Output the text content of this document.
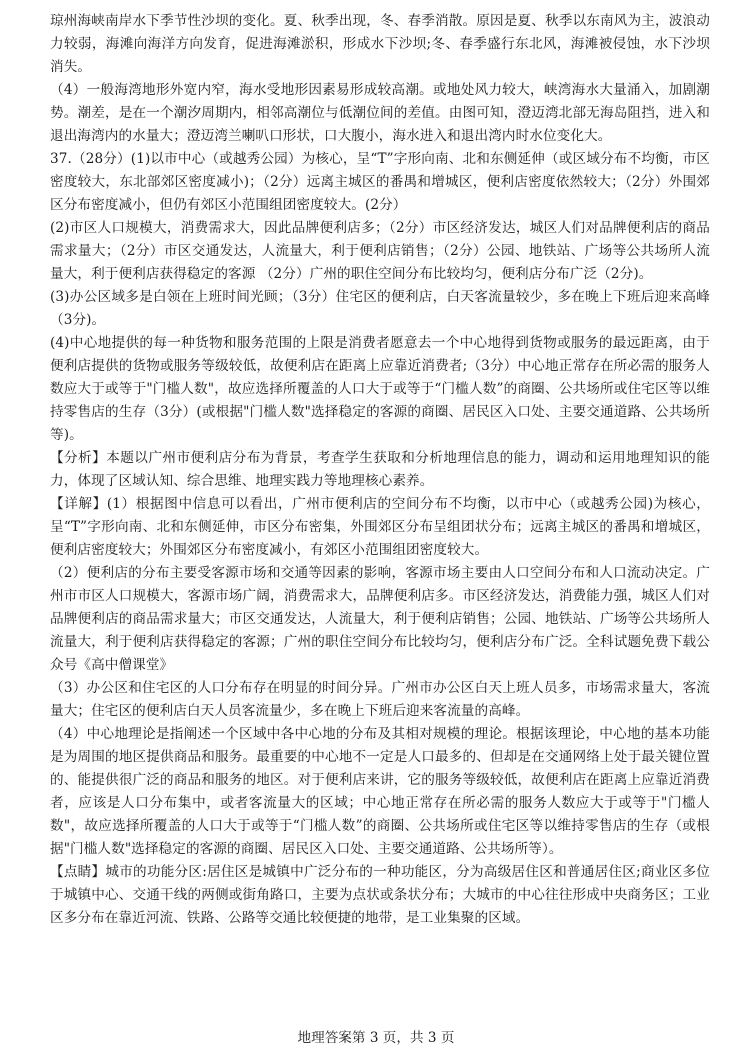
琼州海峡南岸水下季节性沙坝的变化。夏、秋季出现，冬、春季消散。原因是夏、秋季以东南风为主，波浪动力较弱，海滩向海洋方向发育，促进海滩淤积，形成水下沙坝;冬、春季盛行东北风，海滩被侵蚀，水下沙坝消失。

（4）一般海湾地形外宽内窄，海水受地形因素易形成较高潮。或地处风力较大，峡湾海水大量涌入，加剧潮势。潮差，是在一个潮汐周期内，相邻高潮位与低潮位间的差值。由图可知，澄迈湾北部无海岛阻挡，进入和退出海湾内的水量大；澄迈湾兰喇叭口形状，口大腹小，海水进入和退出湾内时水位变化大。

37.（28分）(1)以市中心（或越秀公园）为核心，呈“T”字形向南、北和东侧延伸（或区域分布不均衡，市区密度较大，东北部郊区密度减小)；（2分）远离主城区的番禺和增城区，便利店密度依然较大；（2分）外围郊区分布密度减小，但仍有郊区小范围组团密度较大。(2分）

(2)市区人口规模大，消费需求大，因此品牌便利店多；（2分）市区经济发达，城区人们对品牌便利店的商品需求量大；（2分）市区交通发达，人流量大，利于便利店销售；（2分）公园、地铁站、广场等公共场所人流量大，利于便利店获得稳定的客源 （2分）广州的职住空间分布比较均匀，便利店分布广泛（2分)。

(3)办公区域多是白领在上班时间光顾；（3分）住宅区的便利店，白天客流量较少，多在晚上下班后迎来高峰（3分)。

(4)中心地提供的每一种货物和服务范围的上限是消费者愿意去一个中心地得到货物或服务的最远距离，由于便利店提供的货物或服务等级较低，故便利店在距离上应靠近消费者;（3分）中心地正常存在所必需的服务人数应大于或等于"门槛人数"，故应选择所覆盖的人口大于或等于“门槛人数”的商圈、公共场所或住宅区等以维持零售店的生存（3分）(或根据"门槛人数"选择稳定的客源的商圈、居民区入口处、主要交通道路、公共场所等)。

【分析】本题以广州市便利店分布为背景，考查学生获取和分析地理信息的能力，调动和运用地理知识的能力，体现了区域认知、综合思维、地理实践力等地理核心素养。

【详解】(1）根据图中信息可以看出，广州市便利店的空间分布不均衡，以市中心（或越秀公园)为核心，呈“T”字形向南、北和东侧延伸，市区分布密集，外围郊区分布呈组团状分布；远离主城区的番禺和增城区，便利店密度较大；外围郊区分布密度减小，有郊区小范围组团密度较大。

（2）便利店的分布主要受客源市场和交通等因素的影响，客源市场主要由人口空间分布和人口流动决定。广州市市区人口规模大，客源市场广阔，消费需求大，品牌便利店多。市区经济发达，消费能力强，城区人们对品牌便利店的商品需求量大；市区交通发达，人流量大，利于便利店销售；公园、地铁站、广场等公共场所人流量大，利于便利店获得稳定的客源；广州的职住空间分布比较均匀，便利店分布广泛。全科试题免费下载公众号《高中僧课堂》

（3）办公区和住宅区的人口分布存在明显的时间分异。广州市办公区白天上班人员多，市场需求量大，客流量大；住宅区的便利店白天人员客流量少，多在晚上下班后迎来客流量的高峰。

（4）中心地理论是指阐述一个区域中各中心地的分布及其相对规模的理论。根据该理论，中心地的基本功能是为周围的地区提供商品和服务。最重要的中心地不一定是人口最多的、但却是在交通网络上处于最关键位置的、能提供很广泛的商品和服务的地区。对于便利店来讲，它的服务等级较低，故便利店在距离上应靠近消费者，应该是人口分布集中，或者客流量大的区域；中心地正常存在所必需的服务人数应大于或等于"门槛人数"，故应选择所覆盖的人口大于或等于“门槛人数”的商圈、公共场所或住宅区等以维持零售店的生存（或根据"门槛人数"选择稳定的客源的商圈、居民区入口处、主要交通道路、公共场所等）。

【点睛】城市的功能分区:居住区是城镇中广泛分布的一种功能区，分为高级居住区和普通居住区;商业区多位于城镇中心、交通干线的两侧或街角路口，主要为点状或条状分布；大城市的中心往往形成中央商务区；工业区多分布在靠近河流、铁路、公路等交通比较便捷的地带，是工业集聚的区域。

地理答案第 3 页，共 3 页
